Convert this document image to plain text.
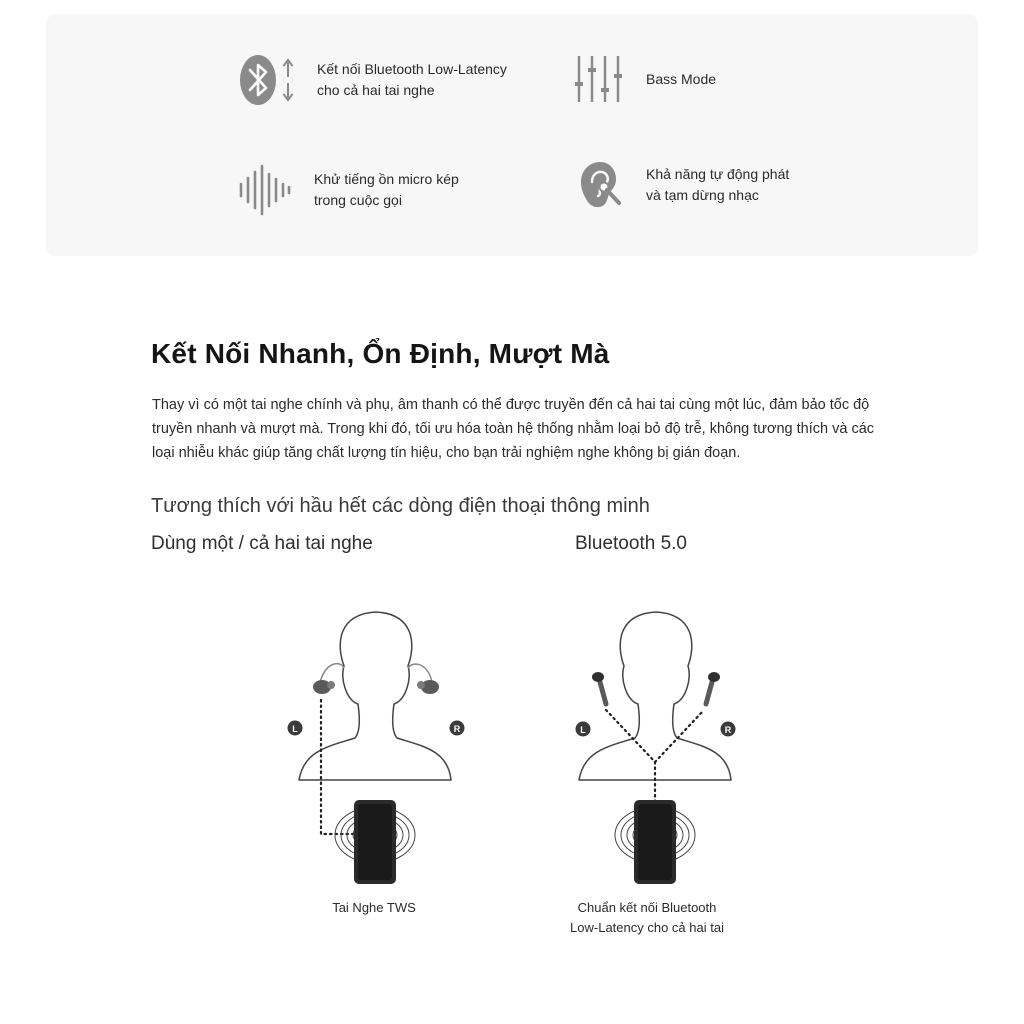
Kết nối Bluetooth Low-Latency
cho cả hai tai nghe
Bass Mode
Khử tiếng ồn micro kép
trong cuộc gọi
Khả năng tự động phát
và tạm dừng nhạc
Kết Nối Nhanh, Ổn Định, Mượt Mà

Thay vì có một tai nghe chính và phụ, âm thanh có thể được truyền đến cả hai tai cùng một lúc, đảm bảo tốc độ truyền nhanh và mượt mà. Trong khi đó, tối ưu hóa toàn hệ thống nhằm loại bỏ độ trễ, không tương thích và các loại nhiễu khác giúp tăng chất lượng tín hiệu, cho bạn trải nghiệm nghe không bị gián đoạn.

Tương thích với hầu hết các dòng điện thoại thông minh

Dùng một / cả hai tai nghe	Bluetooth 5.0
L	R	L	R
Tai Nghe TWS	Chuẩn kết nối Bluetooth
Low-Latency cho cả hai tai
